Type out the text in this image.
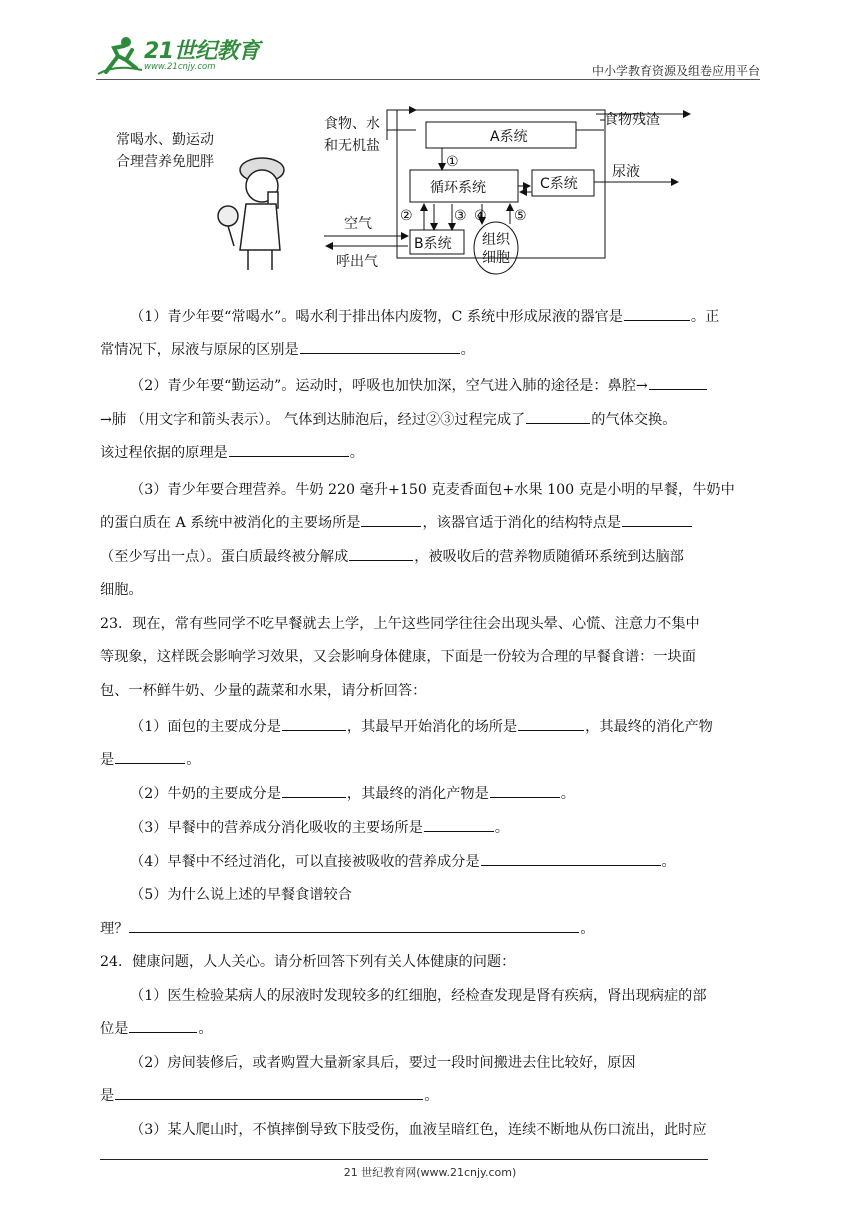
21世纪教育
www.21cnjy.com	中小学教育资源及组卷应用平台
常喝水、勤运动
合理营养免肥胖
食物、水
和无机盐
A系统
食物残渣
①
循环系统	C系统
尿液
②	③ ④ ⑤
B系统 组织
细胞
空气
呼出气
（1）青少年要“常喝水”。喝水利于排出体内废物，C 系统中形成尿液的器官是	。正
常情况下，尿液与原尿的区别是	。
（2）青少年要“勤运动”。运动时，呼吸也加快加深，空气进入肺的途径是：鼻腔→
→肺 （用文字和箭头表示）。 气体到达肺泡后，经过②③过程完成了	的气体交换。
该过程依据的原理是	。
（3）青少年要合理营养。牛奶 220 毫升+150 克麦香面包+水果 100 克是小明的早餐，牛奶中
的蛋白质在 A 系统中被消化的主要场所是	，该器官适于消化的结构特点是
（至少写出一点）。蛋白质最终被分解成	，被吸收后的营养物质随循环系统到达脑部
细胞。
23．现在，常有些同学不吃早餐就去上学，上午这些同学往往会出现头晕、心慌、注意力不集中
等现象，这样既会影响学习效果，又会影响身体健康，下面是一份较为合理的早餐食谱：一块面
包、一杯鲜牛奶、少量的蔬菜和水果，请分析回答：
（1）面包的主要成分是	，其最早开始消化的场所是	，其最终的消化产物
是	。
（2）牛奶的主要成分是	，其最终的消化产物是	。
（3）早餐中的营养成分消化吸收的主要场所是	。
（4）早餐中不经过消化，可以直接被吸收的营养成分是	。
（5）为什么说上述的早餐食谱较合
理？	。
24．健康问题，人人关心。请分析回答下列有关人体健康的问题：
（1）医生检验某病人的尿液时发现较多的红细胞，经检查发现是肾有疾病，肾出现病症的部
位是	。
（2）房间装修后，或者购置大量新家具后，要过一段时间搬进去住比较好，原因
是	。
（3）某人爬山时，不慎摔倒导致下肢受伤，血液呈暗红色，连续不断地从伤口流出，此时应
21 世纪教育网(www.21cnjy.com)
